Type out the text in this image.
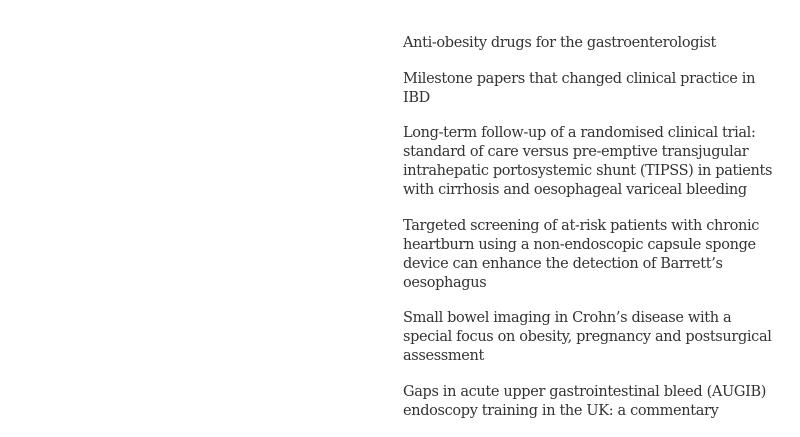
Anti-obesity drugs for the gastroenterologist
Milestone papers that changed clinical practice in IBD
Long-term follow-up of a randomised clinical trial: standard of care versus pre-emptive transjugular intrahepatic portosystemic shunt (TIPSS) in patients with cirrhosis and oesophageal variceal bleeding
Targeted screening of at-risk patients with chronic heartburn using a non-endoscopic capsule sponge device can enhance the detection of Barrett’s oesophagus
Small bowel imaging in Crohn’s disease with a special focus on obesity, pregnancy and postsurgical assessment
Gaps in acute upper gastrointestinal bleed (AUGIB) endoscopy training in the UK: a commentary
